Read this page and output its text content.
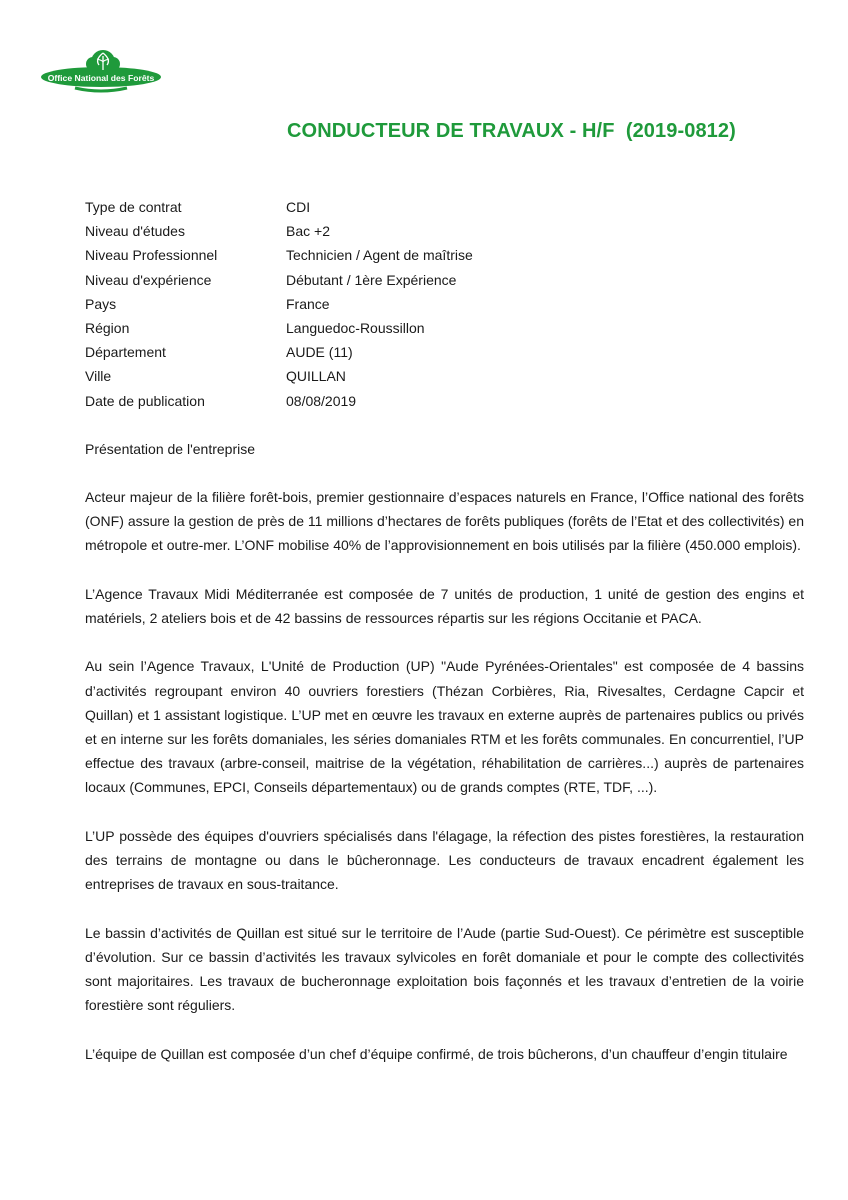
Office National des Forêts
CONDUCTEUR DE TRAVAUX - H/F  (2019-0812)
Type de contrat	CDI
Niveau d'études	Bac +2
Niveau Professionnel	Technicien / Agent de maîtrise
Niveau d'expérience	Débutant / 1ère Expérience
Pays	France
Région	Languedoc-Roussillon
Département	AUDE (11)
Ville	QUILLAN
Date de publication	08/08/2019
Présentation de l'entreprise

Acteur majeur de la filière forêt-bois, premier gestionnaire d’espaces naturels en France, l’Office national des forêts (ONF) assure la gestion de près de 11 millions d’hectares de forêts publiques (forêts de l’Etat et des collectivités) en métropole et outre-mer. L’ONF mobilise 40% de l’approvisionnement en bois utilisés par la filière (450.000 emplois).

L’Agence Travaux Midi Méditerranée est composée de 7 unités de production, 1 unité de gestion des engins et matériels, 2 ateliers bois et de 42 bassins de ressources répartis sur les régions Occitanie et PACA.

Au sein l’Agence Travaux, L'Unité de Production (UP) "Aude Pyrénées-Orientales" est composée de 4 bassins d’activités regroupant environ 40 ouvriers forestiers (Thézan Corbières, Ria, Rivesaltes, Cerdagne Capcir et Quillan) et 1 assistant logistique. L’UP met en œuvre les travaux en externe auprès de partenaires publics ou privés et en interne sur les forêts domaniales, les séries domaniales RTM et les forêts communales. En concurrentiel, l’UP effectue des travaux (arbre-conseil, maitrise de la végétation, réhabilitation de carrières...) auprès de partenaires locaux (Communes, EPCI, Conseils départementaux) ou de grands comptes (RTE, TDF, ...).

L’UP possède des équipes d'ouvriers spécialisés dans l'élagage, la réfection des pistes forestières, la restauration des terrains de montagne ou dans le bûcheronnage. Les conducteurs de travaux encadrent également les entreprises de travaux en sous-traitance.

Le bassin d’activités de Quillan est situé sur le territoire de l’Aude (partie Sud-Ouest). Ce périmètre est susceptible d’évolution. Sur ce bassin d’activités les travaux sylvicoles en forêt domaniale et pour le compte des collectivités sont majoritaires. Les travaux de bucheronnage exploitation bois façonnés et les travaux d’entretien de la voirie forestière sont réguliers.

L’équipe de Quillan est composée d’un chef d’équipe confirmé, de trois bûcherons, d’un chauffeur d’engin titulaire
